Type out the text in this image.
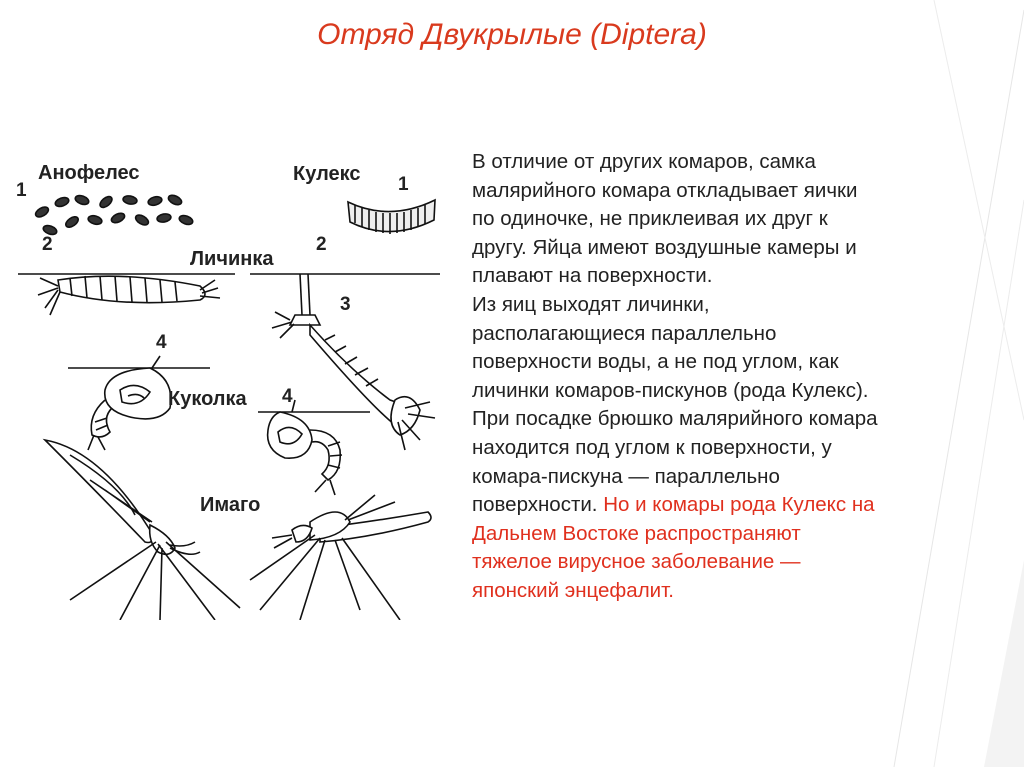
Отряд Двукрылые (Diptera)
Анофелес	Кулекс
Личинка
Куколка
Имаго
1	1
2	2
3
4
4
В отличие от других комаров, самка
малярийного комара откладывает яички
по одиночке, не приклеивая их друг к
другу. Яйца имеют воздушные камеры и
плавают на поверхности.
Из яиц выходят личинки,
располагающиеся параллельно
поверхности воды, а не под углом, как
личинки комаров-пискунов (рода Кулекс).
При посадке брюшко малярийного комара
находится под углом к поверхности, у
комара-пискуна — параллельно
поверхности. Но и комары рода Кулекс на
Дальнем Востоке распространяют
тяжелое вирусное заболевание —
японский энцефалит.
